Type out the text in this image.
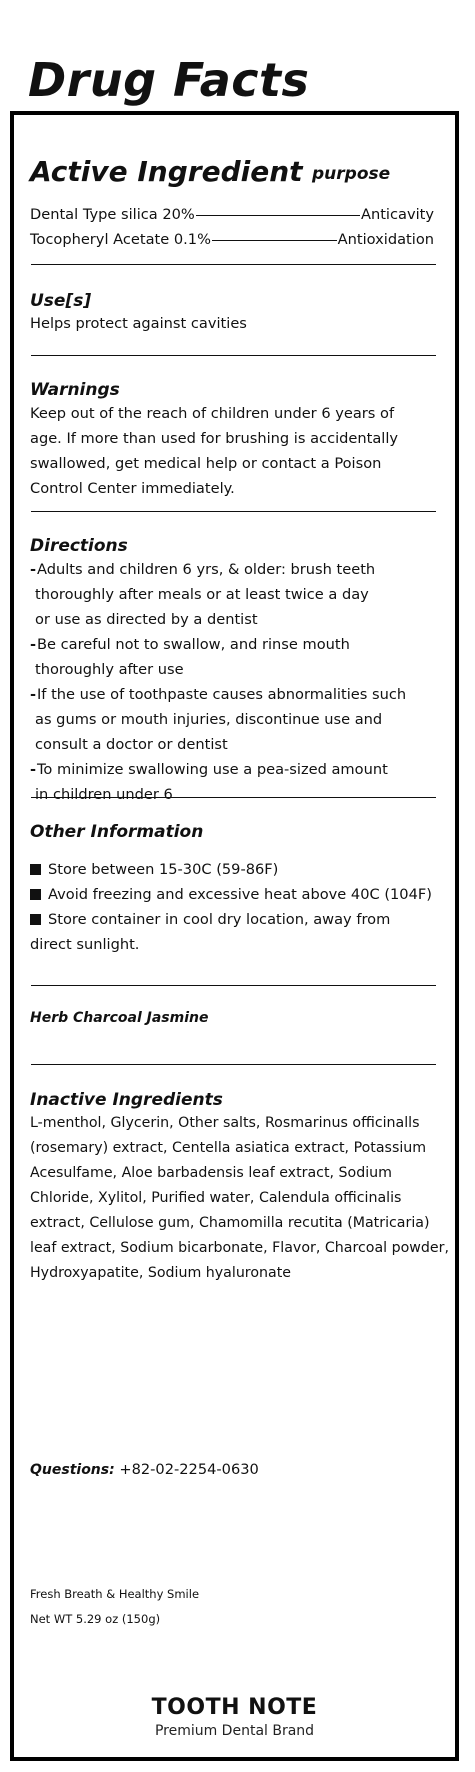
Drug Facts
Active Ingredient purpose
Dental Type silica 20%	Anticavity
Tocopheryl Acetate 0.1%	Antioxidation
Use[s]
Helps protect against cavities
Warnings
Keep out of the reach of children under 6 years of
age. If more than used for brushing is accidentally
swallowed, get medical help or contact a Poison
Control Center immediately.
Directions
- Adults and children 6 yrs, & older: brush teeth
thoroughly after meals or at least twice a day
or use as directed by a dentist
- Be careful not to swallow, and rinse mouth
thoroughly after use
- If the use of toothpaste causes abnormalities such
as gums or mouth injuries, discontinue use and
consult a doctor or dentist
- To minimize swallowing use a pea-sized amount
in children under 6
Other Information
Store between 15-30C (59-86F)
Avoid freezing and excessive heat above 40C (104F)
Store container in cool dry location, away from
direct sunlight.
Herb Charcoal Jasmine
Inactive Ingredients
L-menthol, Glycerin, Other salts, Rosmarinus officinalls
(rosemary) extract, Centella asiatica extract, Potassium
Acesulfame, Aloe barbadensis leaf extract, Sodium
Chloride, Xylitol, Purified water, Calendula officinalis
extract, Cellulose gum, Chamomilla recutita (Matricaria)
leaf extract, Sodium bicarbonate, Flavor, Charcoal powder,
Hydroxyapatite, Sodium hyaluronate
Questions: +82-02-2254-0630
Fresh Breath & Healthy Smile
Net WT 5.29 oz (150g)
TOOTH NOTE
Premium Dental Brand
